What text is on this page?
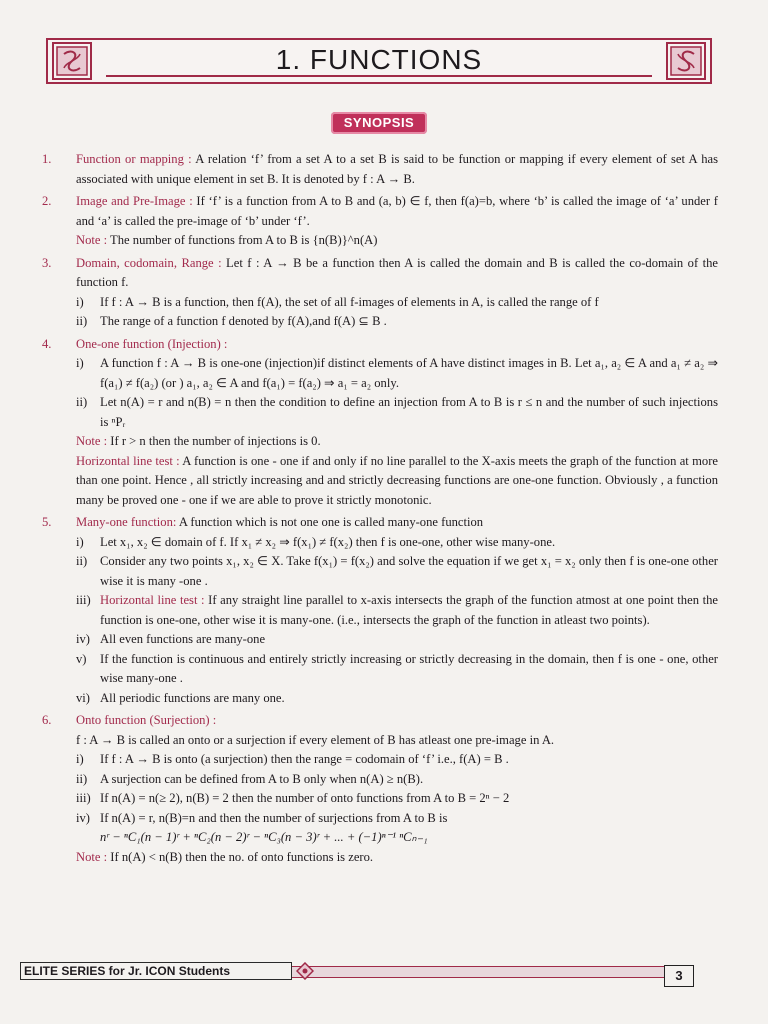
1. FUNCTIONS
SYNOPSIS
1. Function or mapping : A relation ‘f’ from a set A to a set B is said to be function or mapping if every element of set A has associated with unique element in set B. It is denoted by f : A → B.

2. Image and Pre-Image : If ‘f’ is a function from A to B and (a, b) ∈ f, then f(a)=b, where ‘b’ is called the image of ‘a’ under f and ‘a’ is called the pre-image of ‘b’ under ‘f’.

Note : The number of functions from A to B is {n(B)}^n(A)

3. Domain, codomain, Range : Let f : A → B be a function then A is called the domain and B is called the co-domain of the function f.

i) If f : A → B is a function, then f(A), the set of all f-images of elements in A, is called the range of f

ii) The range of a function f denoted by f(A),and f(A) ⊆ B .

4. One-one function (Injection) :

i) A function f : A → B is one-one (injection)if distinct elements of A have distinct images in B. Let a₁, a₂ ∈ A and a₁ ≠ a₂ ⇒ f(a₁) ≠ f(a₂) (or ) a₁, a₂ ∈ A and f(a₁) = f(a₂) ⇒ a₁ = a₂ only.

ii) Let n(A) = r and n(B) = n then the condition to define an injection from A to B is r ≤ n and the number of such injections is ⁿPᵣ

Note : If r > n then the number of injections is 0.

Horizontal line test : A function is one - one if and only if no line parallel to the X-axis meets the graph of the function at more than one point. Hence , all strictly increasing and and strictly decreasing functions are one-one function. Obviously , a function many be proved one - one if we are able to prove it strictly monotonic.

5. Many-one function: A function which is not one one is called many-one function

i) Let x₁, x₂ ∈ domain of f. If x₁ ≠ x₂ ⇒ f(x₁) ≠ f(x₂) then f is one-one, other wise many-one.

ii) Consider any two points x₁, x₂ ∈ X. Take f(x₁) = f(x₂) and solve the equation if we get x₁ = x₂ only then f is one-one other wise it is many -one .

iii) Horizontal line test : If any straight line parallel to x-axis intersects the graph of the function atmost at one point then the function is one-one, other wise it is many-one. (i.e., intersects the graph of the function in atleast two points).

iv) All even functions are many-one

v) If the function is continuous and entirely strictly increasing or strictly decreasing in the domain, then f is one - one, other wise many-one .

vi) All periodic functions are many one.

6. Onto function (Surjection) :

f : A → B is called an onto or a surjection if every element of B has atleast one pre-image in A.

i) If f : A → B is onto (a surjection) then the range = codomain of ‘f’ i.e., f(A) = B .

ii) A surjection can be defined from A to B only when n(A) ≥ n(B).

iii) If n(A) = n(≥ 2), n(B) = 2 then the number of onto functions from A to B = 2ⁿ − 2

iv) If n(A) = r, n(B)=n and then the number of surjections from A to B is

nʳ − ⁿC₁(n − 1)ʳ + ⁿC₂(n − 2)ʳ − ⁿC₃(n − 3)ʳ + ... + (−1)ⁿ⁻¹ ⁿCₙ₋₁

Note : If n(A) < n(B) then the no. of onto functions is zero.

ELITE SERIES for Jr. ICON Students	3
